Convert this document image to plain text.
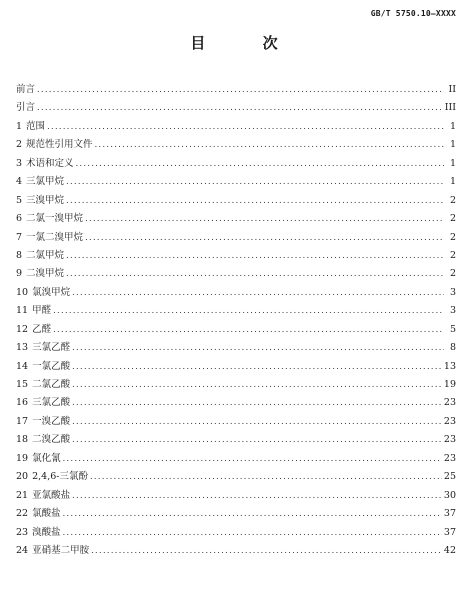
GB/T 5750.10—XXXX
目 次
前言 .....	II
引言 .....	III
1 范围 .....	1
2 规范性引用文件 .....	1
3 术语和定义 .....	1
4 三氯甲烷 .....	1
5 三溴甲烷 .....	2
6 二氯一溴甲烷 .....	2
7 一氯二溴甲烷 .....	2
8 二氯甲烷 .....	2
9 二溴甲烷 .....	2
10 氯溴甲烷 .....	3
11 甲醛 .....	3
12 乙醛 .....	5
13 三氯乙醛 .....	8
14 一氯乙酸 .....	13
15 二氯乙酸 .....	19
16 三氯乙酸 .....	23
17 一溴乙酸 .....	23
18 二溴乙酸 .....	23
19 氯化氰 .....	23
20 2,4,6-三氯酚 .....	25
21 亚氯酸盐 .....	30
22 氯酸盐 .....	37
23 溴酸盐 .....	37
24 亚硝基二甲胺 .....	42
